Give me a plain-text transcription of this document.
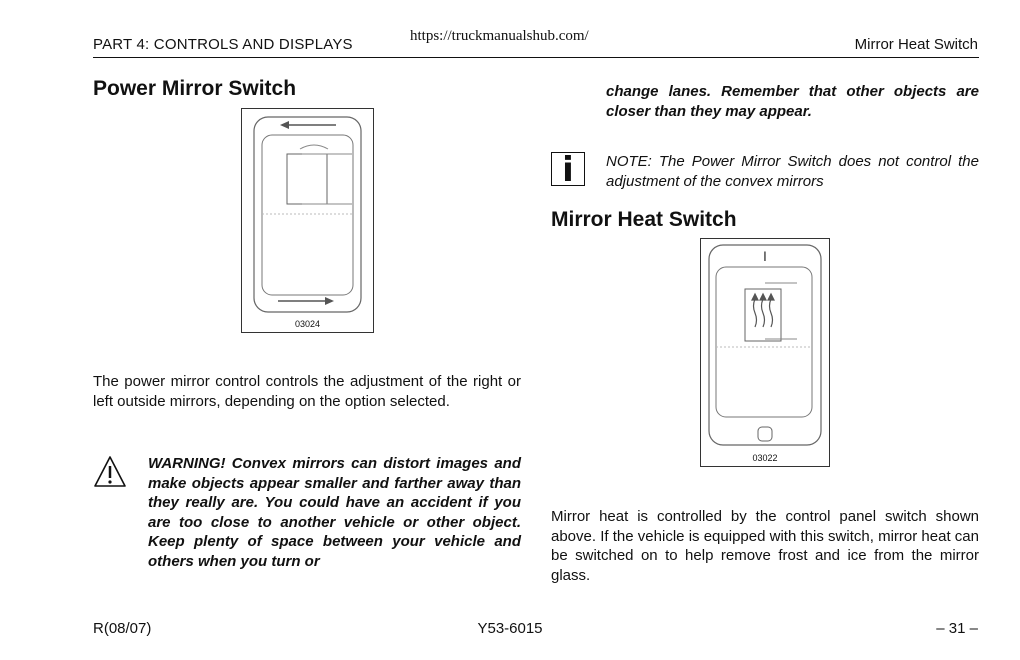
PART 4: CONTROLS AND DISPLAYS	https://truckmanualshub.com/	Mirror Heat Switch
Power Mirror Switch
03024
The power mirror control controls the adjustment of the right or left outside mirrors, depending on the option selected.
WARNING! Convex mirrors can distort images and make objects appear smaller and farther away than they really are. You could have an accident if you are too close to another vehicle or other object. Keep plenty of space between your vehicle and others when you turn or
change lanes. Remember that other objects are closer than they may appear.
i	NOTE: The Power Mirror Switch does not control the adjustment of the convex mirrors
Mirror Heat Switch
I
03022
Mirror heat is controlled by the control panel switch shown above. If the vehicle is equipped with this switch, mirror heat can be switched on to help remove frost and ice from the mirror glass.
R(08/07)	Y53-6015	– 31 –
